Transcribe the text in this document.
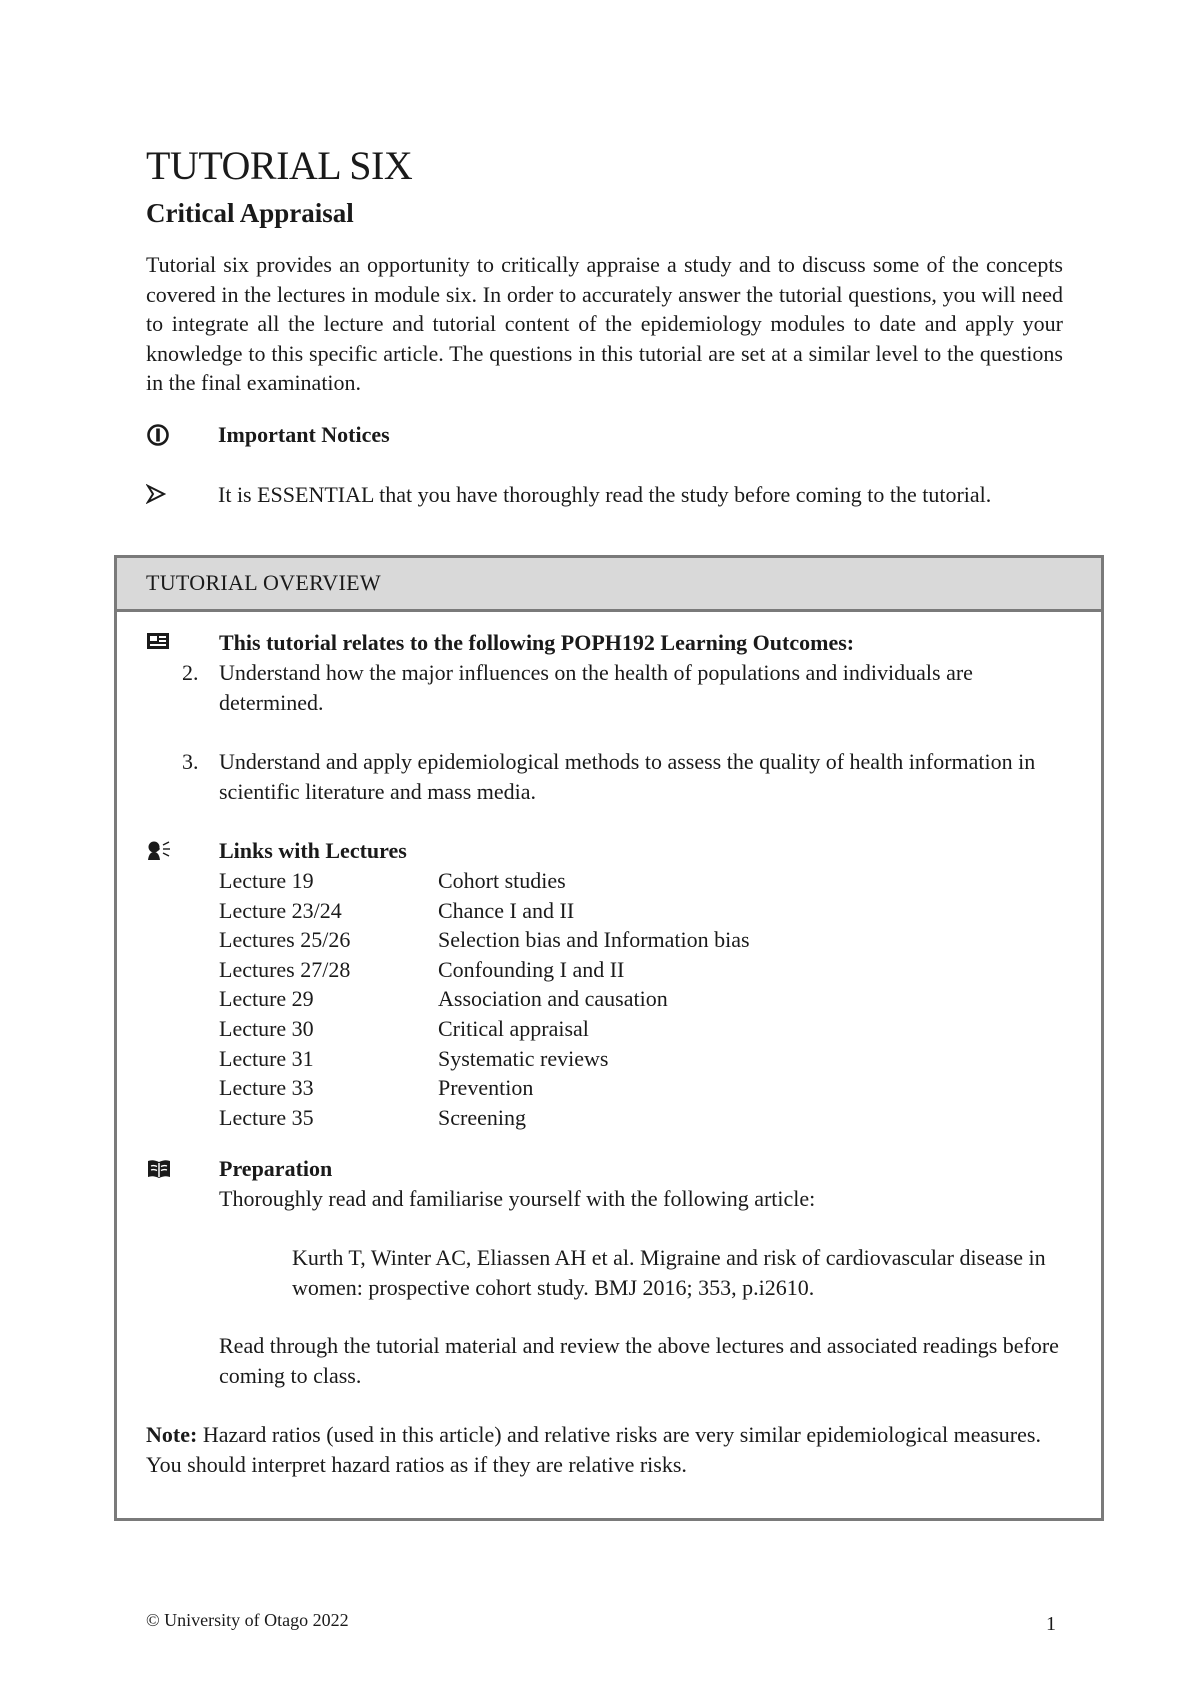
TUTORIAL SIX
Critical Appraisal

Tutorial six provides an opportunity to critically appraise a study and to discuss some of the concepts covered in the lectures in module six. In order to accurately answer the tutorial questions, you will need to integrate all the lecture and tutorial content of the epidemiology modules to date and apply your knowledge to this specific article. The questions in this tutorial are set at a similar level to the questions in the final examination.

Important Notices
It is ESSENTIAL that you have thoroughly read the study before coming to the tutorial.
TUTORIAL OVERVIEW

This tutorial relates to the following POPH192 Learning Outcomes:

2. Understand how the major influences on the health of populations and individuals are determined.

3. Understand and apply epidemiological methods to assess the quality of health information in scientific literature and mass media.

Links with Lectures

Lecture 19	Cohort studies
Lecture 23/24	Chance I and II
Lectures 25/26	Selection bias and Information bias
Lectures 27/28	Confounding I and II
Lecture 29	Association and causation
Lecture 30	Critical appraisal
Lecture 31	Systematic reviews
Lecture 33	Prevention
Lecture 35	Screening

Preparation

Thoroughly read and familiarise yourself with the following article:

Kurth T, Winter AC, Eliassen AH et al. Migraine and risk of cardiovascular disease in women: prospective cohort study. BMJ 2016; 353, p.i2610.

Read through the tutorial material and review the above lectures and associated readings before coming to class.

Note: Hazard ratios (used in this article) and relative risks are very similar epidemiological measures. You should interpret hazard ratios as if they are relative risks.

© University of Otago 2022	1
